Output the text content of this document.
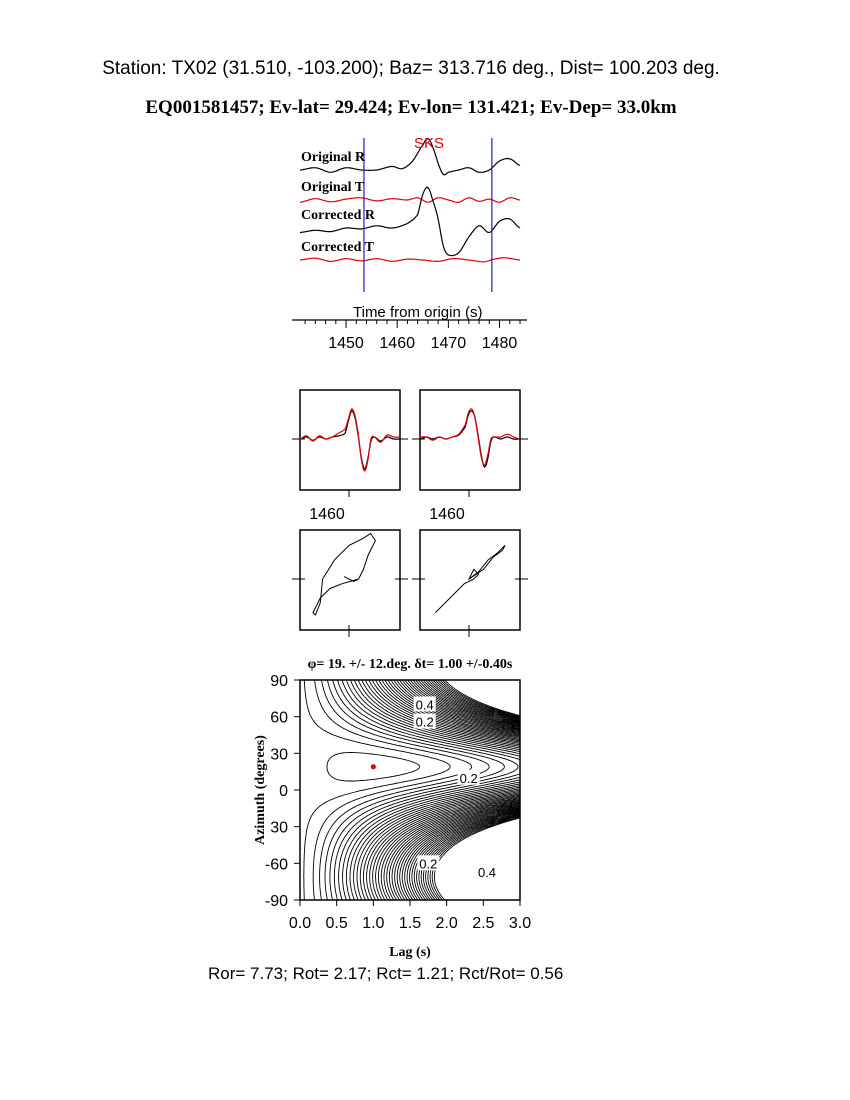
Station: TX02 (31.510, -103.200); Baz= 313.716 deg., Dist= 100.203 deg.
EQ001581457; Ev-lat= 29.424; Ev-lon= 131.421; Ev-Dep= 33.0km
Original R
Original T
Corrected R
Corrected T
SKS
Time from origin (s)
1450 1460 1470 1480
1460	1460
0.4
0.2
0.2
0.2
0.4
0.0 0.5 1.0 1.5 2.0 2.5 3.0
-90
-60
30
0
30
60
90
φ= 19. +/- 12.deg. δt= 1.00 +/-0.40s
Lag (s)
Azimuth (degrees)
Ror= 7.73; Rot= 2.17; Rct= 1.21; Rct/Rot= 0.56
